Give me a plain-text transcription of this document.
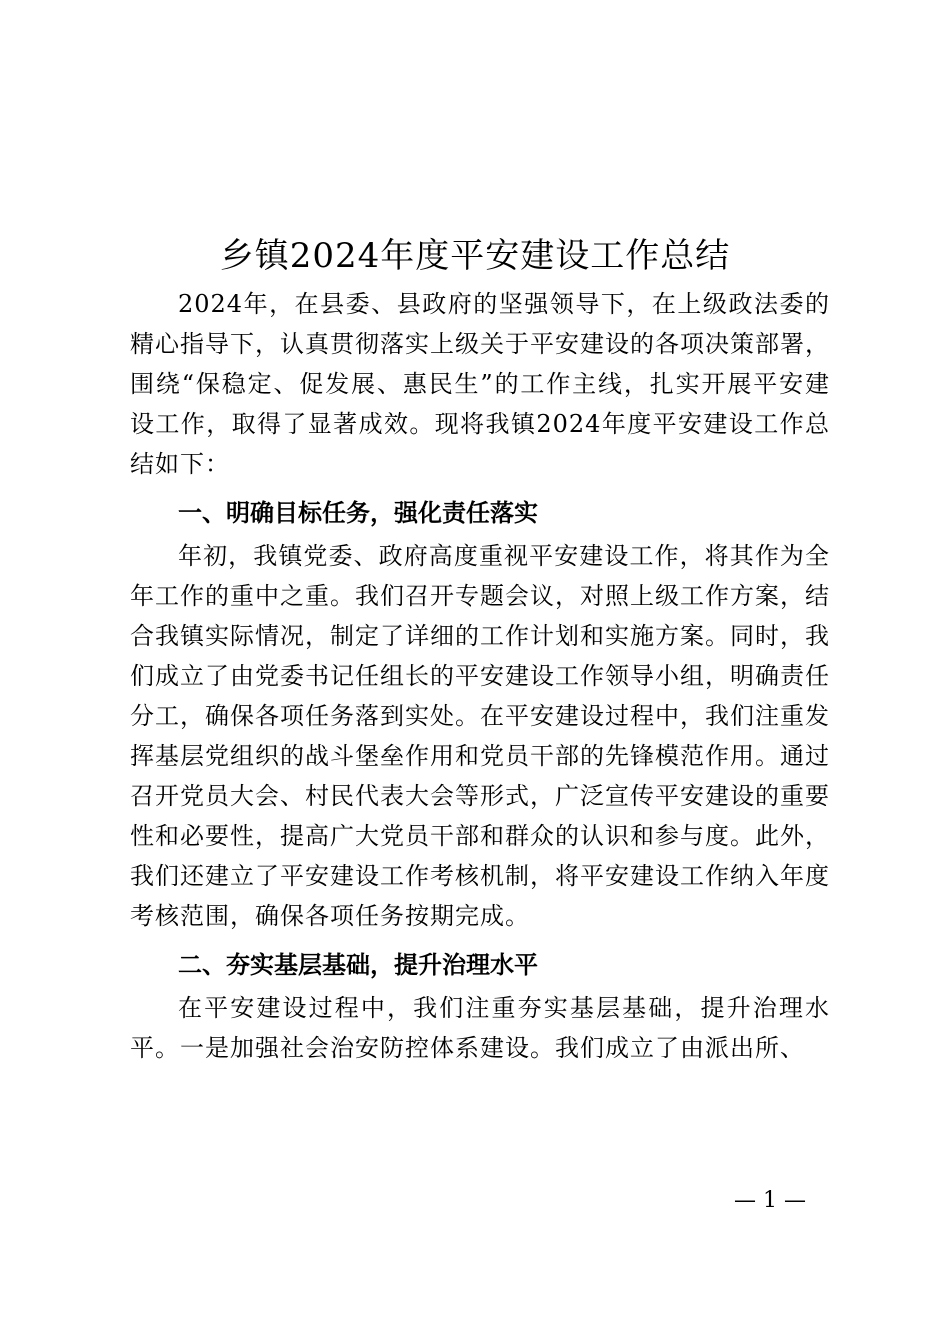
乡镇2024年度平安建设工作总结

2024年，在县委、县政府的坚强领导下，在上级政法委的精心指导下，认真贯彻落实上级关于平安建设的各项决策部署，围绕“保稳定、促发展、惠民生”的工作主线，扎实开展平安建设工作，取得了显著成效。现将我镇2024年度平安建设工作总结如下：

一、明确目标任务，强化责任落实

年初，我镇党委、政府高度重视平安建设工作，将其作为全年工作的重中之重。我们召开专题会议，对照上级工作方案，结合我镇实际情况，制定了详细的工作计划和实施方案。同时，我们成立了由党委书记任组长的平安建设工作领导小组，明确责任分工，确保各项任务落到实处。在平安建设过程中，我们注重发挥基层党组织的战斗堡垒作用和党员干部的先锋模范作用。通过召开党员大会、村民代表大会等形式，广泛宣传平安建设的重要性和必要性，提高广大党员干部和群众的认识和参与度。此外，我们还建立了平安建设工作考核机制，将平安建设工作纳入年度考核范围，确保各项任务按期完成。

二、夯实基层基础，提升治理水平

在平安建设过程中，我们注重夯实基层基础，提升治理水平。一是加强社会治安防控体系建设。我们成立了由派出所、

— 1 —
